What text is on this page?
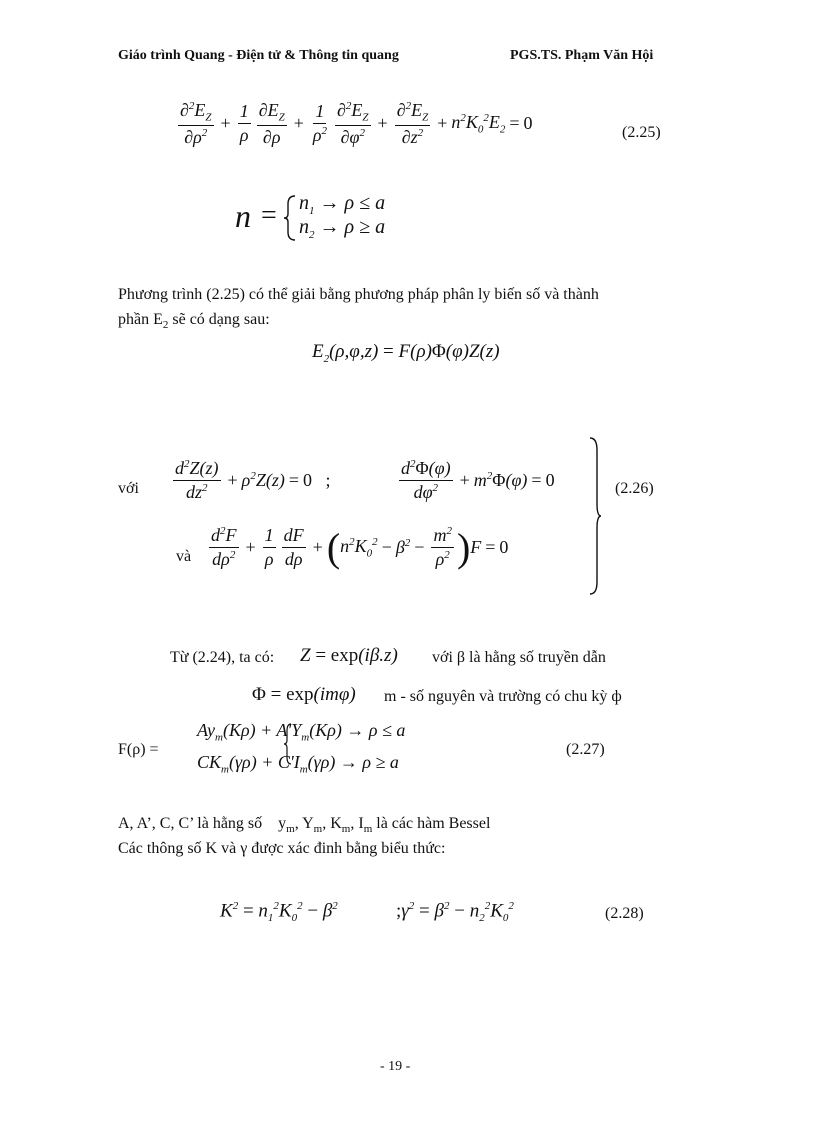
Giáo trình Quang - Điện tử & Thông tin quang	PGS.TS. Phạm Văn Hội
$\frac{\partial^2E_Z}{\partial\rho^2} + \frac{1}{\rho} \frac{\partial E_Z}{\partial\rho} + \frac{1}{\rho^2} \frac{\partial^2E_Z}{\partial\varphi^2} + \frac{\partial^2E_Z}{\partial z^2} + n^2K_0^2E_2 = 0$	(2.25)
$n = n_1 \to \rho \le a$
$n_2 \to \rho \ge a$
Phương trình (2.25) có thể giải bằng phương pháp phân ly biến số và thành
phần $E_2$ sẽ có dạng sau:
$E_2(\rho,\varphi,z) = F(\rho)\Phi(\varphi)Z(z)$
với $\frac{d^2Z(z)}{dz^2} + \rho^2Z(z) = 0$   ;	$\frac{d^2\Phi(\varphi)}{d\varphi^2} + m^2\Phi(\varphi) = 0$
và $\frac{d^2F}{d\rho^2} + \frac{1}{\rho} \frac{dF}{d\rho}$ + ( $n^2K_0^2 - \beta^2 - \frac{m^2}{\rho^2}$ ) F = 0
(2.26)
Từ (2.24), ta có: Z = exp(iβ.z) với β là hằng số truyền dẫn
Φ = exp(imφ) m - số nguyên và trường có chu kỳ ф
F(ρ) =
$Ay_m(K\rho) + A'Y_m(K\rho) \to \rho \le a$
$CK_m(\gamma\rho) + C'I_m(\gamma\rho) \to \rho \ge a$
(2.27)
A, A’, C, C’ là hằng số $y_m$, $Y_m$, $K_m$, $I_m$ là các hàm Bessel
Các thông số K và γ được xác đinh bằng biểu thức:
$K^2 = n_1^2K_0^2 - \beta^2$	$;\gamma^2 = \beta^2 - n_2^2K_0^2$	(2.28)
- 19 -
